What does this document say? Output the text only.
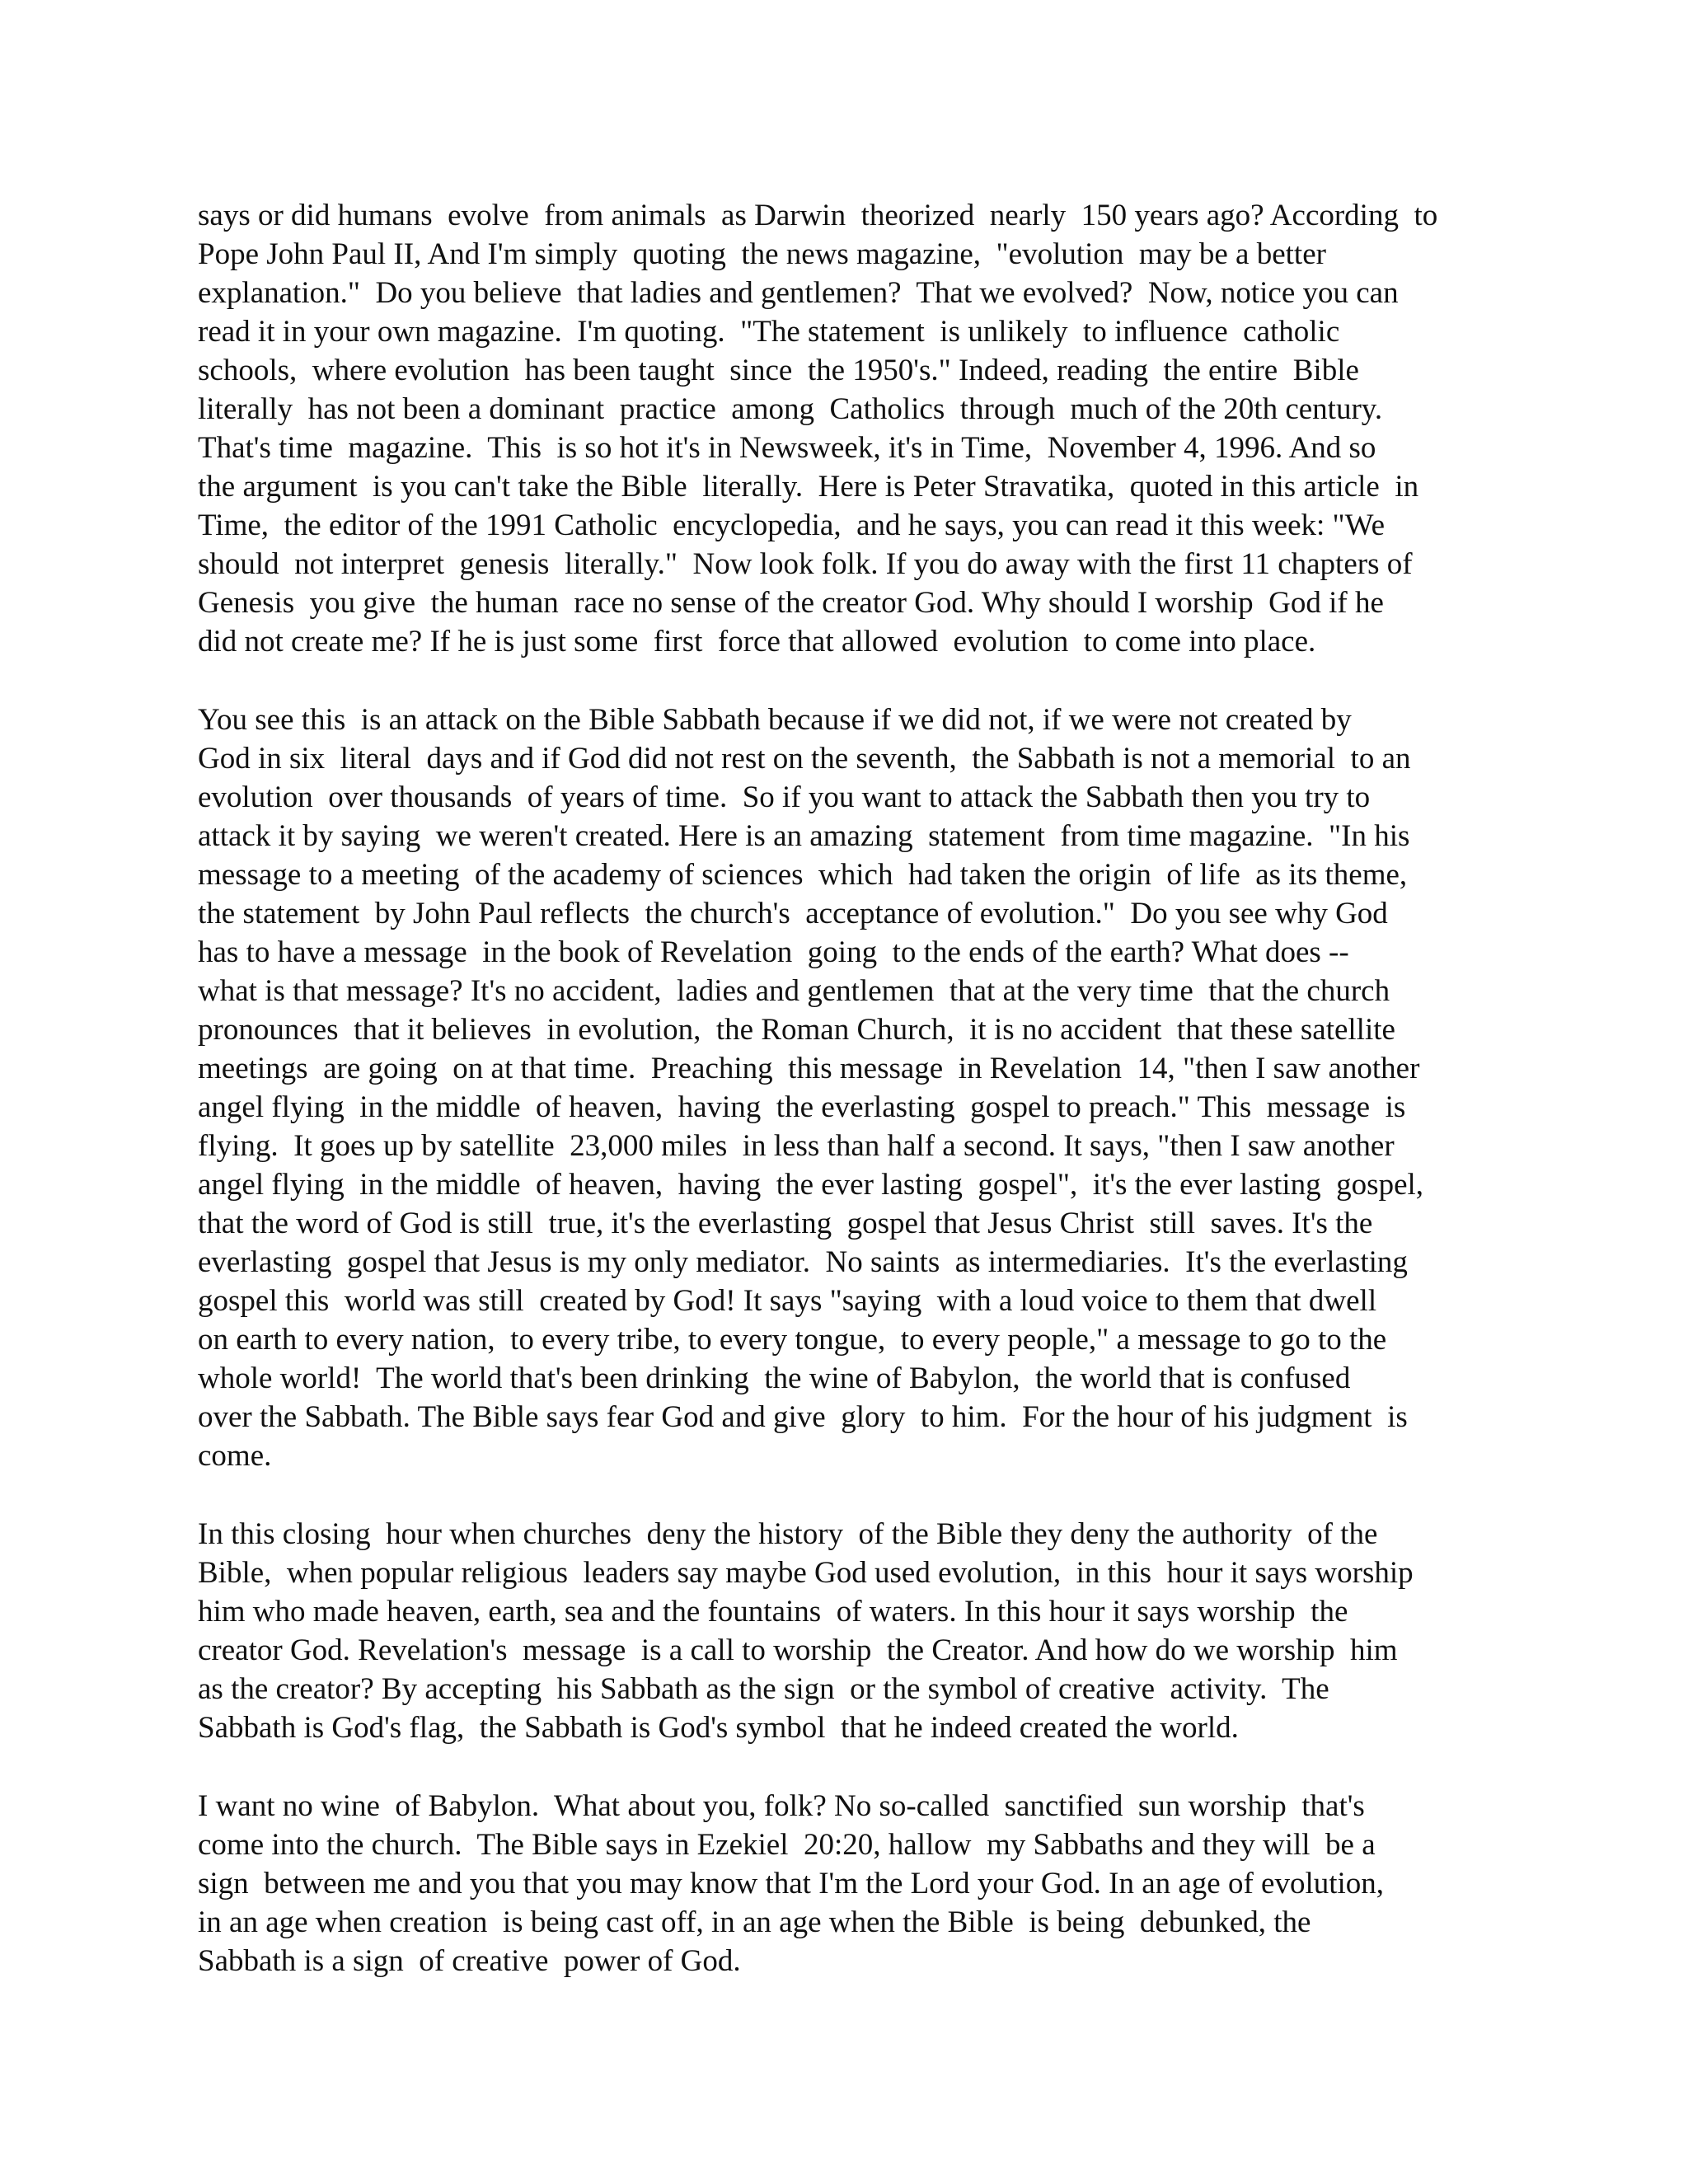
says or did humans  evolve  from animals  as Darwin  theorized  nearly  150 years ago? According  to
Pope John Paul II, And I'm simply  quoting  the news magazine,  "evolution  may be a better
explanation."  Do you believe  that ladies and gentlemen?  That we evolved?  Now, notice you can
read it in your own magazine.  I'm quoting.  "The statement  is unlikely  to influence  catholic
schools,  where evolution  has been taught  since  the 1950's." Indeed, reading  the entire  Bible
literally  has not been a dominant  practice  among  Catholics  through  much of the 20th century.
That's time  magazine.  This  is so hot it's in Newsweek, it's in Time,  November 4, 1996. And so
the argument  is you can't take the Bible  literally.  Here is Peter Stravatika,  quoted in this article  in
Time,  the editor of the 1991 Catholic  encyclopedia,  and he says, you can read it this week: "We
should  not interpret  genesis  literally."  Now look folk. If you do away with the first 11 chapters of
Genesis  you give  the human  race no sense of the creator God. Why should I worship  God if he
did not create me? If he is just some  first  force that allowed  evolution  to come into place.
You see this  is an attack on the Bible Sabbath because if we did not, if we were not created by
God in six  literal  days and if God did not rest on the seventh,  the Sabbath is not a memorial  to an
evolution  over thousands  of years of time.  So if you want to attack the Sabbath then you try to
attack it by saying  we weren't created. Here is an amazing  statement  from time magazine.  "In his
message to a meeting  of the academy of sciences  which  had taken the origin  of life  as its theme,
the statement  by John Paul reflects  the church's  acceptance of evolution."  Do you see why God
has to have a message  in the book of Revelation  going  to the ends of the earth? What does --
what is that message? It's no accident,  ladies and gentlemen  that at the very time  that the church
pronounces  that it believes  in evolution,  the Roman Church,  it is no accident  that these satellite
meetings  are going  on at that time.  Preaching  this message  in Revelation  14, "then I saw another
angel flying  in the middle  of heaven,  having  the everlasting  gospel to preach." This  message  is
flying.  It goes up by satellite  23,000 miles  in less than half a second. It says, "then I saw another
angel flying  in the middle  of heaven,  having  the ever lasting  gospel",  it's the ever lasting  gospel,
that the word of God is still  true, it's the everlasting  gospel that Jesus Christ  still  saves. It's the
everlasting  gospel that Jesus is my only mediator.  No saints  as intermediaries.  It's the everlasting
gospel this  world was still  created by God! It says "saying  with a loud voice to them that dwell
on earth to every nation,  to every tribe, to every tongue,  to every people," a message to go to the
whole world!  The world that's been drinking  the wine of Babylon,  the world that is confused
over the Sabbath. The Bible says fear God and give  glory  to him.  For the hour of his judgment  is
come.
In this closing  hour when churches  deny the history  of the Bible they deny the authority  of the
Bible,  when popular religious  leaders say maybe God used evolution,  in this  hour it says worship
him who made heaven, earth, sea and the fountains  of waters. In this hour it says worship  the
creator God. Revelation's  message  is a call to worship  the Creator. And how do we worship  him
as the creator? By accepting  his Sabbath as the sign  or the symbol of creative  activity.  The
Sabbath is God's flag,  the Sabbath is God's symbol  that he indeed created the world.
I want no wine  of Babylon.  What about you, folk? No so-called  sanctified  sun worship  that's
come into the church.  The Bible says in Ezekiel  20:20, hallow  my Sabbaths and they will  be a
sign  between me and you that you may know that I'm the Lord your God. In an age of evolution,
in an age when creation  is being cast off, in an age when the Bible  is being  debunked, the
Sabbath is a sign  of creative  power of God.
